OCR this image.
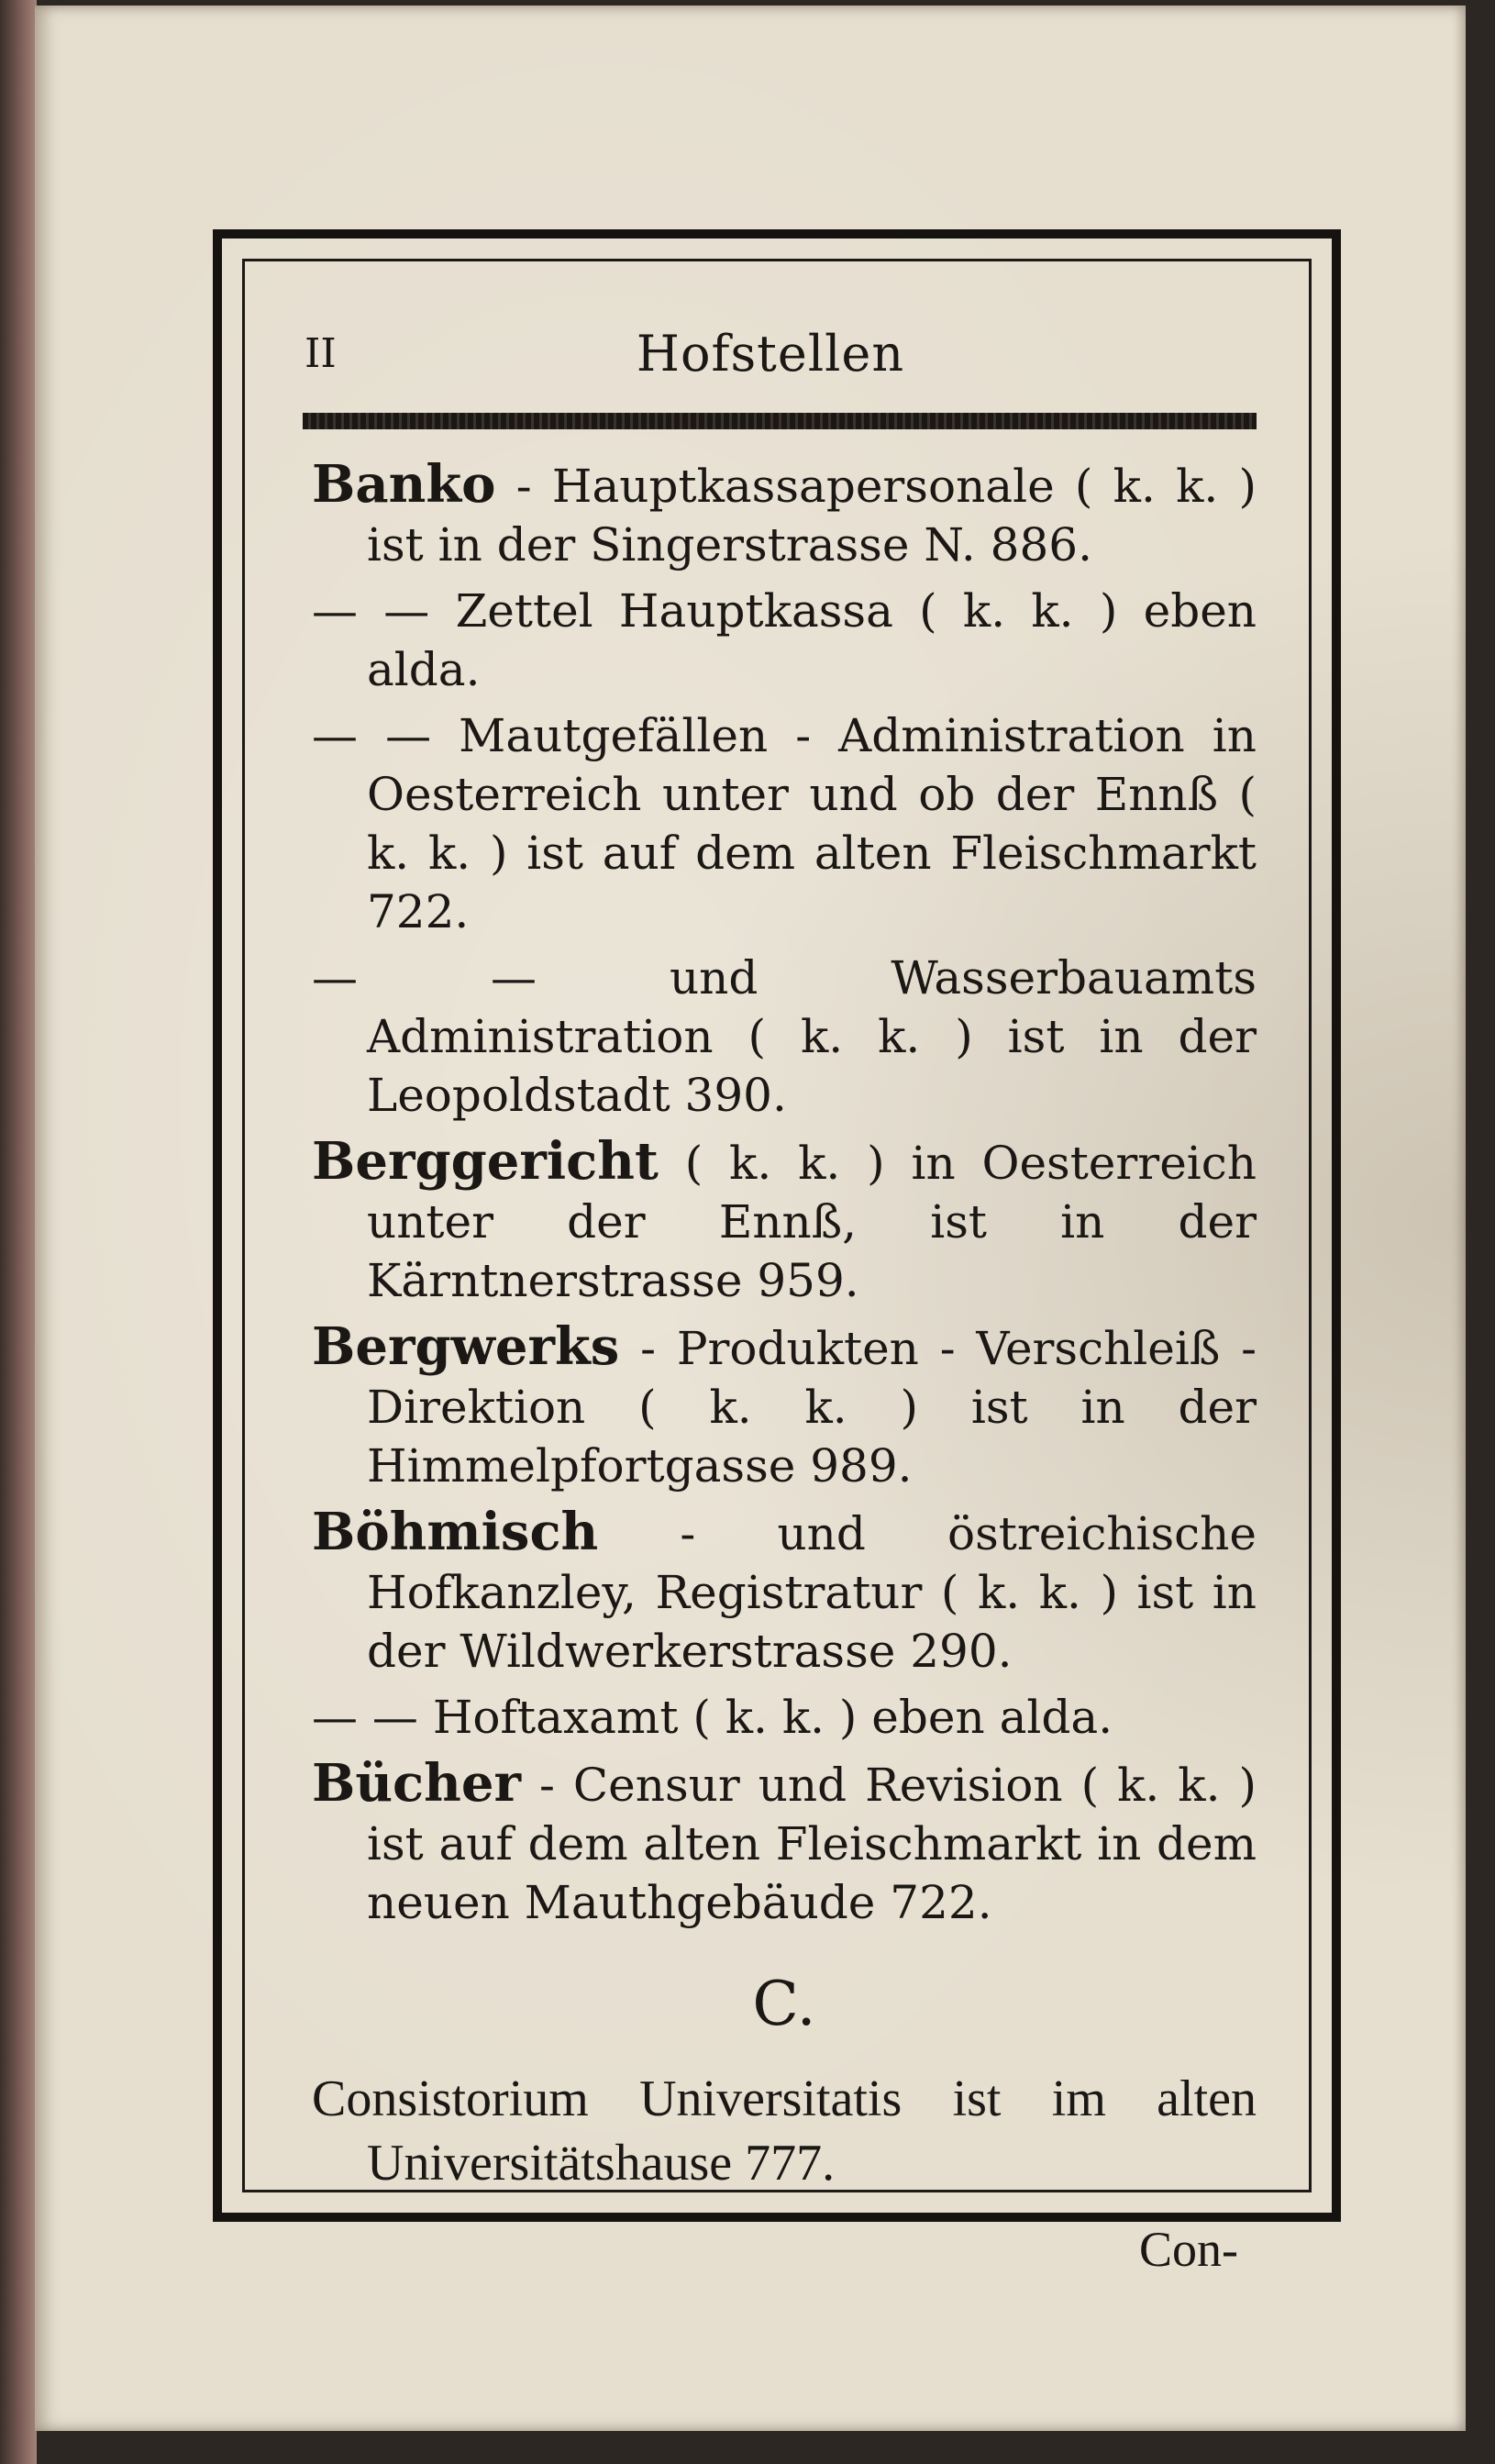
II	Hofstellen

Banko - Hauptkassapersonale ( k. k. ) ist in der Singerstrasse N. 886.

— — Zettel Hauptkassa ( k. k. ) eben alda.

— — Mautgefällen - Administration in Oesterreich unter und ob der Ennß ( k. k. ) ist auf dem alten Fleischmarkt 722.

— —	und Wasserbauamts Administration ( k. k. ) ist in der Leopoldstadt 390.

Berggericht ( k. k. ) in Oesterreich unter der Ennß, ist in der Kärntnerstrasse 959.

Bergwerks - Produkten - Verschleiß - Direktion ( k. k. ) ist in der Himmelpfortgasse 989.

Böhmisch - und östreichische Hofkanzley, Registratur ( k. k. ) ist in der Wildwerkerstrasse 290.

— — Hoftaxamt ( k. k. ) eben alda.

Bücher - Censur und Revision ( k. k. ) ist auf dem alten Fleischmarkt in dem neuen Mauthgebäude 722.

C.

Consistorium Universitatis ist im alten Universitätshause 777.

Con-
